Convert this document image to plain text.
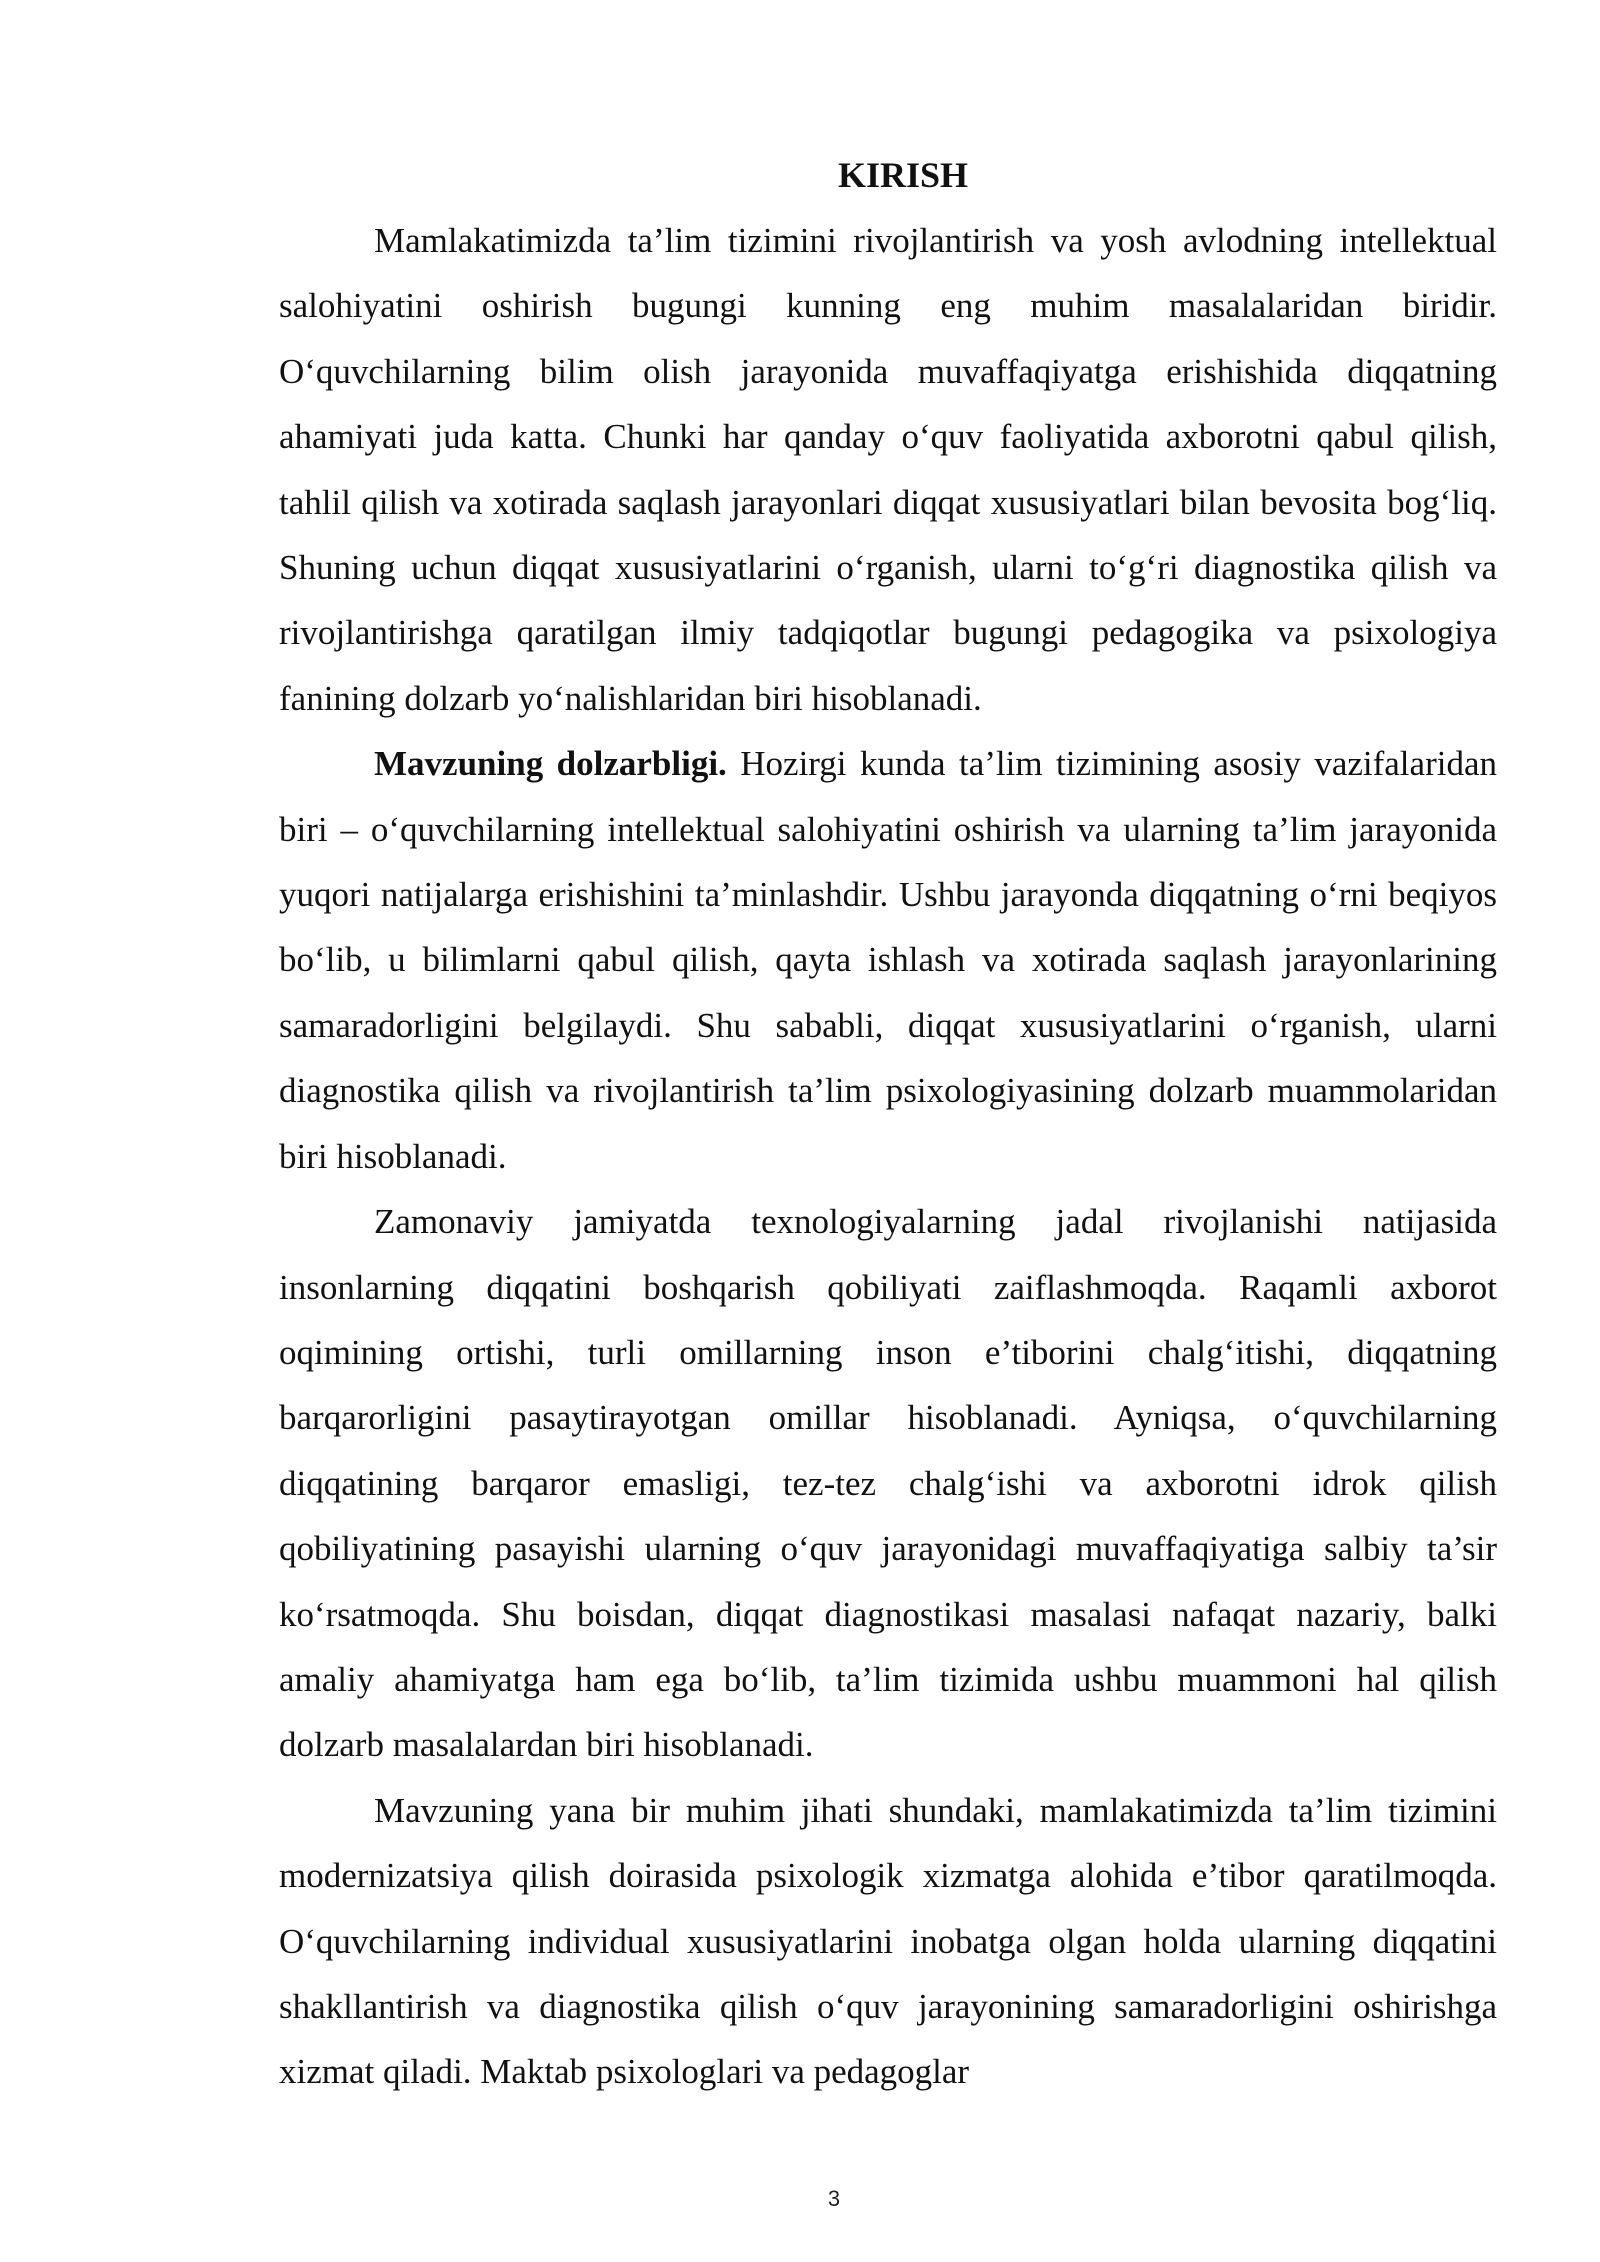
KIRISH

Mamlakatimizda ta’lim tizimini rivojlantirish va yosh avlodning intellektual salohiyatini oshirish bugungi kunning eng muhim masalalaridan biridir. O‘quvchilarning bilim olish jarayonida muvaffaqiyatga erishishida diqqatning ahamiyati juda katta. Chunki har qanday o‘quv faoliyatida axborotni qabul qilish, tahlil qilish va xotirada saqlash jarayonlari diqqat xususiyatlari bilan bevosita bog‘liq. Shuning uchun diqqat xususiyatlarini o‘rganish, ularni to‘g‘ri diagnostika qilish va rivojlantirishga qaratilgan ilmiy tadqiqotlar bugungi pedagogika va psixologiya fanining dolzarb yo‘nalishlaridan biri hisoblanadi.

Mavzuning dolzarbligi. Hozirgi kunda ta’lim tizimining asosiy vazifalaridan biri – o‘quvchilarning intellektual salohiyatini oshirish va ularning ta’lim jarayonida yuqori natijalarga erishishini ta’minlashdir. Ushbu jarayonda diqqatning o‘rni beqiyos bo‘lib, u bilimlarni qabul qilish, qayta ishlash va xotirada saqlash jarayonlarining samaradorligini belgilaydi. Shu sababli, diqqat xususiyatlarini o‘rganish, ularni diagnostika qilish va rivojlantirish ta’lim psixologiyasining dolzarb muammolaridan biri hisoblanadi.

Zamonaviy jamiyatda texnologiyalarning jadal rivojlanishi natijasida insonlarning diqqatini boshqarish qobiliyati zaiflashmoqda. Raqamli axborot oqimining ortishi, turli omillarning inson e’tiborini chalg‘itishi, diqqatning barqarorligini pasaytirayotgan omillar hisoblanadi. Ayniqsa, o‘quvchilarning diqqatining barqaror emasligi, tez-tez chalg‘ishi va axborotni idrok qilish qobiliyatining pasayishi ularning o‘quv jarayonidagi muvaffaqiyatiga salbiy ta’sir ko‘rsatmoqda. Shu boisdan, diqqat diagnostikasi masalasi nafaqat nazariy, balki amaliy ahamiyatga ham ega bo‘lib, ta’lim tizimida ushbu muammoni hal qilish dolzarb masalalardan biri hisoblanadi.

Mavzuning yana bir muhim jihati shundaki, mamlakatimizda ta’lim tizimini modernizatsiya qilish doirasida psixologik xizmatga alohida e’tibor qaratilmoqda. O‘quvchilarning individual xususiyatlarini inobatga olgan holda ularning diqqatini shakllantirish va diagnostika qilish o‘quv jarayonining samaradorligini oshirishga xizmat qiladi. Maktab psixologlari va pedagoglar

3
